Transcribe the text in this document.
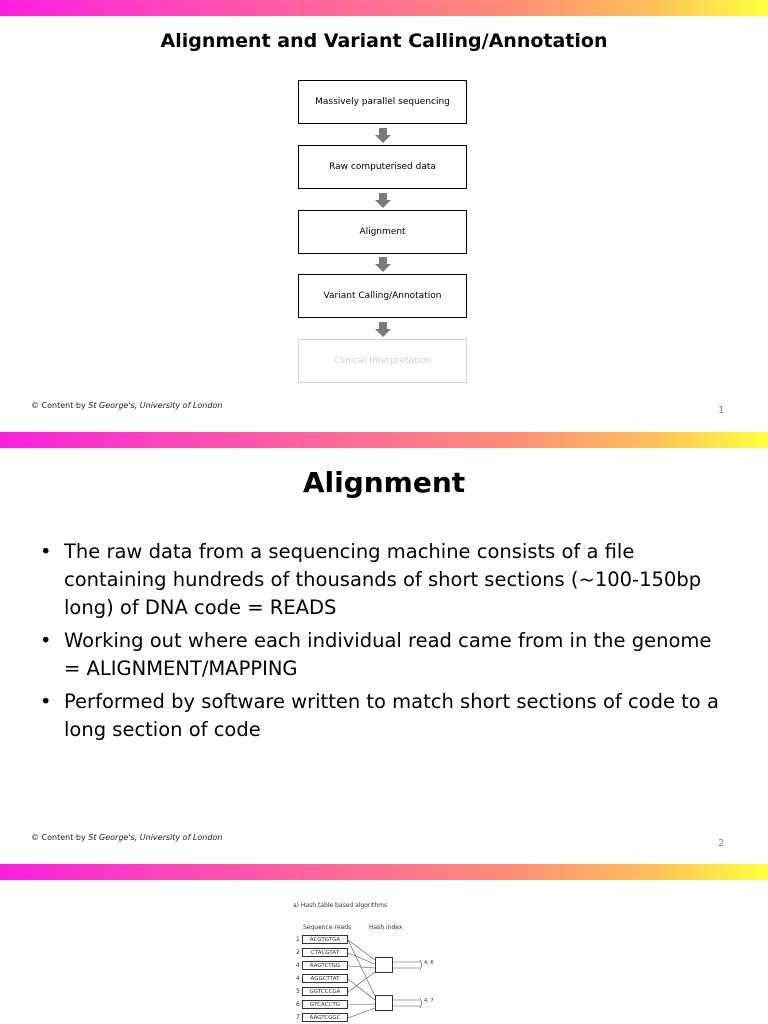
Alignment and Variant Calling/Annotation
Massively parallel sequencing
Raw computerised data
Alignment
Variant Calling/Annotation
Clinical Interpretation
© Content by St George's, University of London	1
Alignment
• The raw data from a sequencing machine consists of a file containing hundreds of thousands of short sections (~100-150bp long) of DNA code = READS
• Working out where each individual read came from in the genome = ALIGNMENT/MAPPING
• Performed by software written to match short sections of code to a long section of code
© Content by St George's, University of London
2
a) Hash table based algorithms
Sequence reads	Hash index
1	ACGTGTGA
2	CTACGTAT
4	AAGTCTGG
4	AGGCTTAT
5	GGTCCCGA
6	GTCACCTG
7	AAGTCGGC
4, 6
4, 7
